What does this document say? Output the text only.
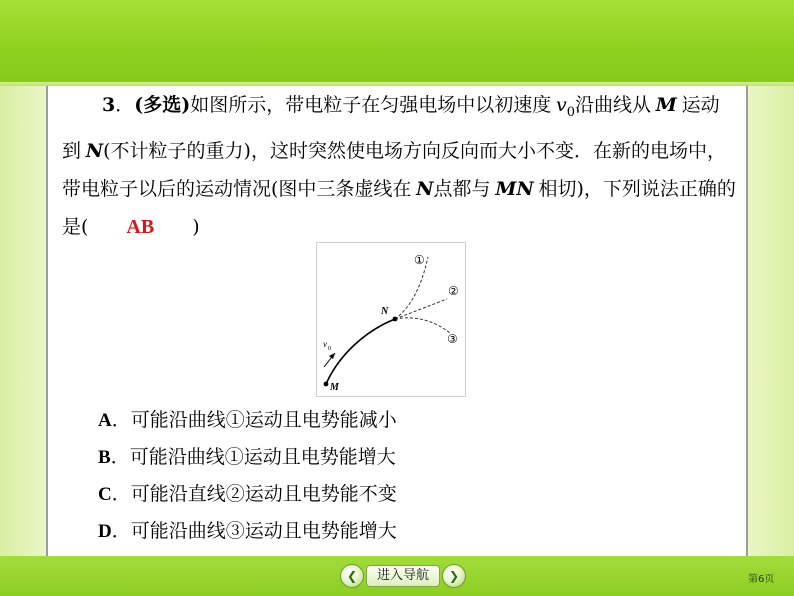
3．(多选)如图所示，带电粒子在匀强电场中以初速度  $v_0$沿曲线从  M  运动到  N(不计粒子的重力)，这时突然使电场方向反向而大小不变．在新的电场中，带电粒子以后的运动情况(图中三条虚线在  N点都与  MN  相切)，下列说法正确的是(   AB   )
N
M
v 0
①
②
③
A．可能沿曲线①运动且电势能减小
B．可能沿曲线①运动且电势能增大
C．可能沿直线②运动且电势能不变
D．可能沿曲线③运动且电势能增大
❮	进入导航	❯	第6页
